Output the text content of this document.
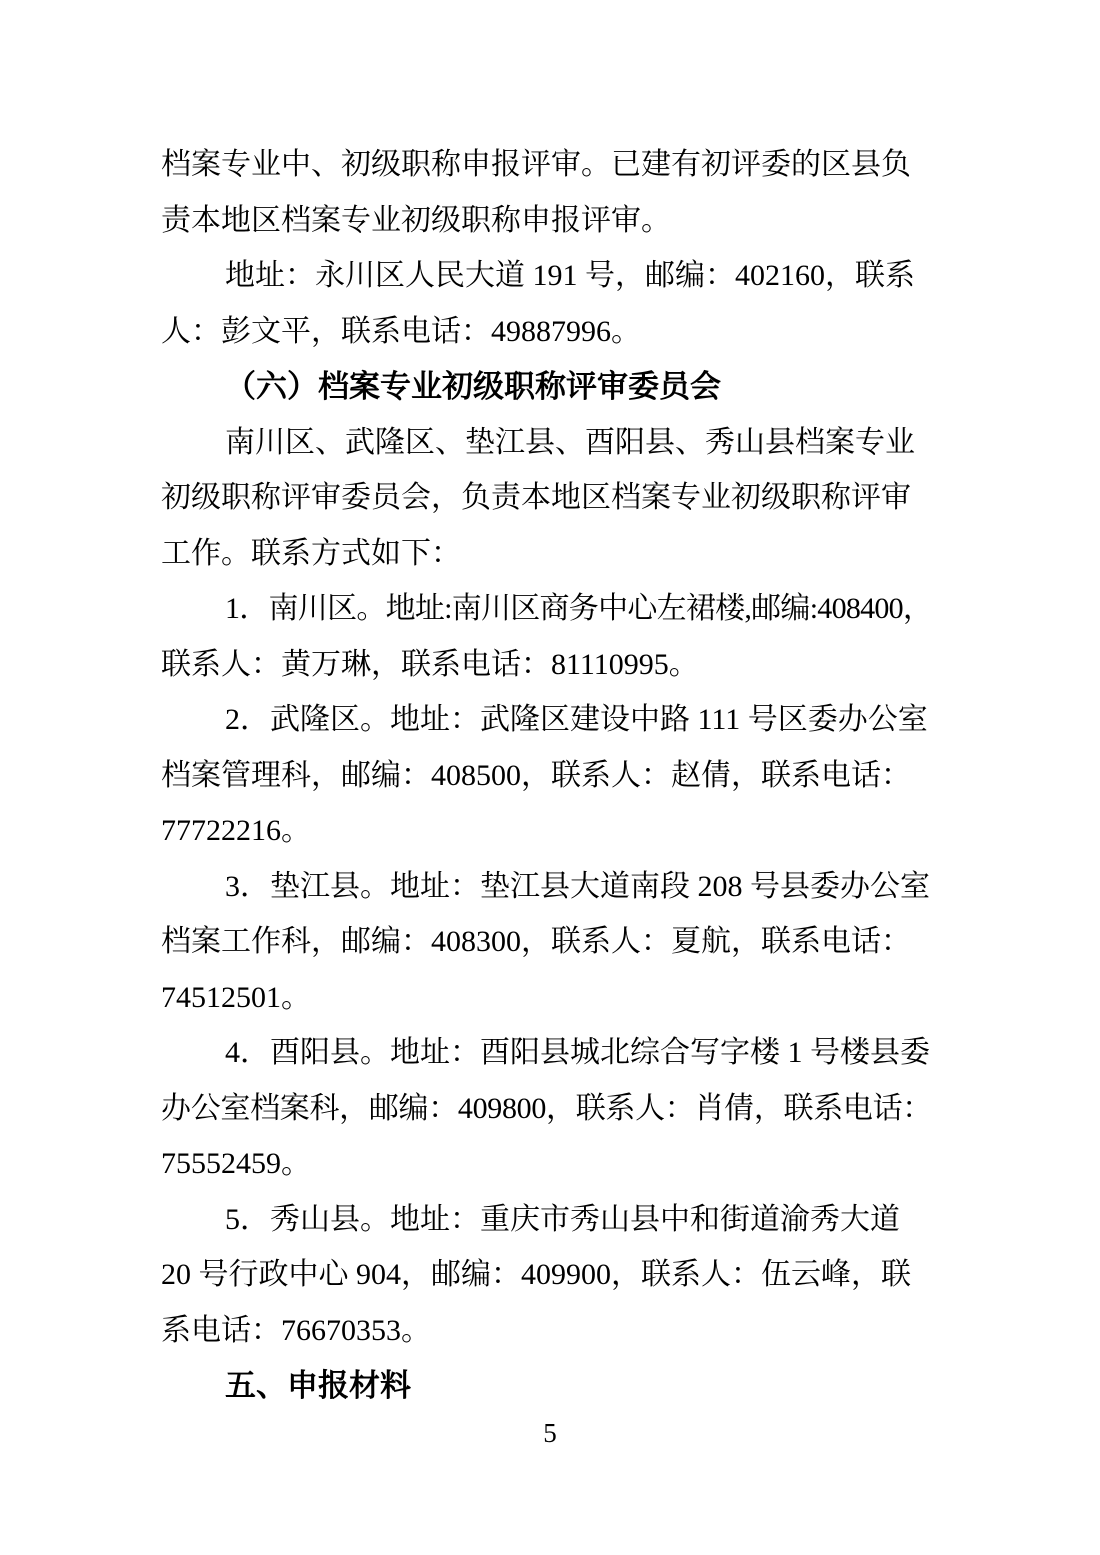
档案专业中、初级职称申报评审。已建有初评委的区县负
责本地区档案专业初级职称申报评审。
地址：永川区人民大道 191 号，邮编：402160，联系
人：彭文平，联系电话：49887996。
（六）档案专业初级职称评审委员会
南川区、武隆区、垫江县、酉阳县、秀山县档案专业
初级职称评审委员会，负责本地区档案专业初级职称评审
工作。联系方式如下：
1．南川区。地址:南川区商务中心左裙楼,邮编:408400，
联系人：黄万琳，联系电话：81110995。
2．武隆区。地址：武隆区建设中路 111 号区委办公室
档案管理科，邮编：408500，联系人：赵倩，联系电话：
77722216。
3．垫江县。地址：垫江县大道南段 208 号县委办公室
档案工作科，邮编：408300，联系人：夏航，联系电话：
74512501。
4．酉阳县。地址：酉阳县城北综合写字楼 1 号楼县委
办公室档案科，邮编：409800，联系人：肖倩，联系电话：
75552459。
5．秀山县。地址：重庆市秀山县中和街道渝秀大道
20 号行政中心 904，邮编：409900，联系人：伍云峰，联
系电话：76670353。
五、申报材料
5
